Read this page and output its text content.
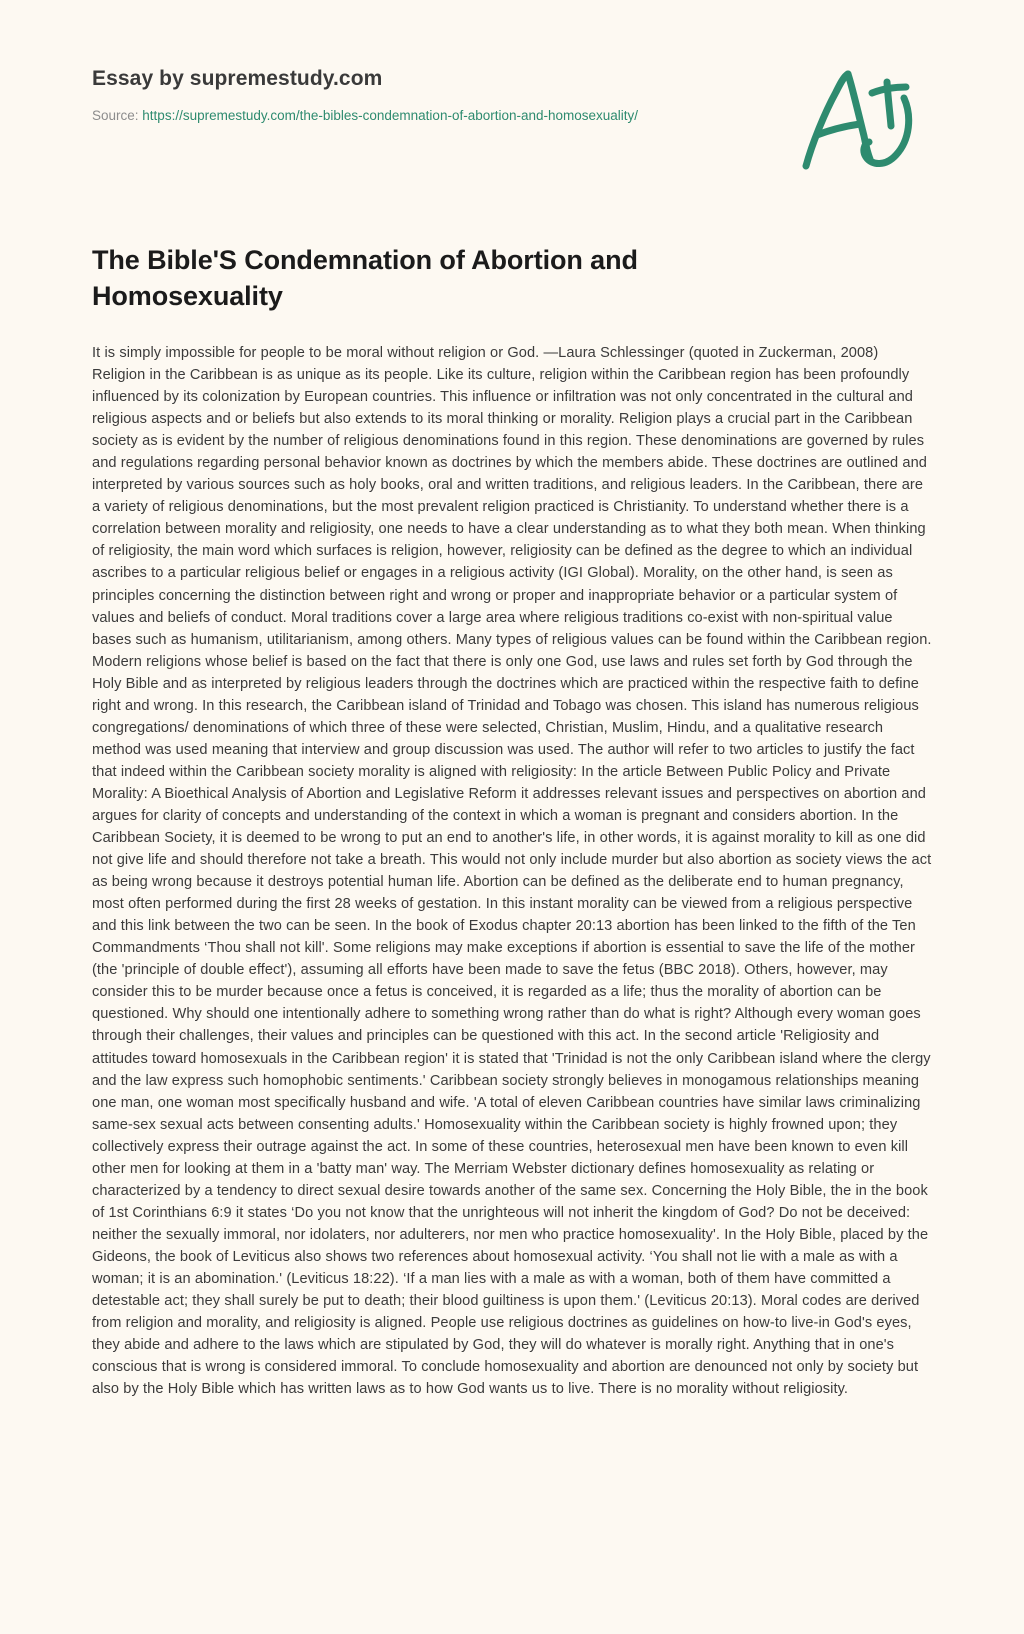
Essay by supremestudy.com
Source: https://supremestudy.com/the-bibles-condemnation-of-abortion-and-homosexuality/
The Bible'S Condemnation of Abortion and Homosexuality

It is simply impossible for people to be moral without religion or God. —Laura Schlessinger (quoted in Zuckerman, 2008) Religion in the Caribbean is as unique as its people. Like its culture, religion within the Caribbean region has been profoundly influenced by its colonization by European countries. This influence or infiltration was not only concentrated in the cultural and religious aspects and or beliefs but also extends to its moral thinking or morality. Religion plays a crucial part in the Caribbean society as is evident by the number of religious denominations found in this region. These denominations are governed by rules and regulations regarding personal behavior known as doctrines by which the members abide. These doctrines are outlined and interpreted by various sources such as holy books, oral and written traditions, and religious leaders. In the Caribbean, there are a variety of religious denominations, but the most prevalent religion practiced is Christianity. To understand whether there is a correlation between morality and religiosity, one needs to have a clear understanding as to what they both mean. When thinking of religiosity, the main word which surfaces is religion, however, religiosity can be defined as the degree to which an individual ascribes to a particular religious belief or engages in a religious activity (IGI Global). Morality, on the other hand, is seen as principles concerning the distinction between right and wrong or proper and inappropriate behavior or a particular system of values and beliefs of conduct. Moral traditions cover a large area where religious traditions co-exist with non-spiritual value bases such as humanism, utilitarianism, among others. Many types of religious values can be found within the Caribbean region. Modern religions whose belief is based on the fact that there is only one God, use laws and rules set forth by God through the Holy Bible and as interpreted by religious leaders through the doctrines which are practiced within the respective faith to define right and wrong. In this research, the Caribbean island of Trinidad and Tobago was chosen. This island has numerous religious congregations/ denominations of which three of these were selected, Christian, Muslim, Hindu, and a qualitative research method was used meaning that interview and group discussion was used. The author will refer to two articles to justify the fact that indeed within the Caribbean society morality is aligned with religiosity: In the article Between Public Policy and Private Morality: A Bioethical Analysis of Abortion and Legislative Reform it addresses relevant issues and perspectives on abortion and argues for clarity of concepts and understanding of the context in which a woman is pregnant and considers abortion. In the Caribbean Society, it is deemed to be wrong to put an end to another's life, in other words, it is against morality to kill as one did not give life and should therefore not take a breath. This would not only include murder but also abortion as society views the act as being wrong because it destroys potential human life. Abortion can be defined as the deliberate end to human pregnancy, most often performed during the first 28 weeks of gestation. In this instant morality can be viewed from a religious perspective and this link between the two can be seen. In the book of Exodus chapter 20:13 abortion has been linked to the fifth of the Ten Commandments ‘Thou shall not kill'. Some religions may make exceptions if abortion is essential to save the life of the mother (the 'principle of double effect'), assuming all efforts have been made to save the fetus (BBC 2018). Others, however, may consider this to be murder because once a fetus is conceived, it is regarded as a life; thus the morality of abortion can be questioned. Why should one intentionally adhere to something wrong rather than do what is right? Although every woman goes through their challenges, their values and principles can be questioned with this act. In the second article 'Religiosity and attitudes toward homosexuals in the Caribbean region' it is stated that 'Trinidad is not the only Caribbean island where the clergy and the law express such homophobic sentiments.' Caribbean society strongly believes in monogamous relationships meaning one man, one woman most specifically husband and wife. 'A total of eleven Caribbean countries have similar laws criminalizing same-sex sexual acts between consenting adults.' Homosexuality within the Caribbean society is highly frowned upon; they collectively express their outrage against the act. In some of these countries, heterosexual men have been known to even kill other men for looking at them in a 'batty man' way. The Merriam Webster dictionary defines homosexuality as relating or characterized by a tendency to direct sexual desire towards another of the same sex. Concerning the Holy Bible, the in the book of 1st Corinthians 6:9 it states ‘Do you not know that the unrighteous will not inherit the kingdom of God? Do not be deceived: neither the sexually immoral, nor idolaters, nor adulterers, nor men who practice homosexuality'. In the Holy Bible, placed by the Gideons, the book of Leviticus also shows two references about homosexual activity. ‘You shall not lie with a male as with a woman; it is an abomination.' (Leviticus 18:22). ‘If a man lies with a male as with a woman, both of them have committed a detestable act; they shall surely be put to death; their blood guiltiness is upon them.' (Leviticus 20:13). Moral codes are derived from religion and morality, and religiosity is aligned. People use religious doctrines as guidelines on how-to live-in God's eyes, they abide and adhere to the laws which are stipulated by God, they will do whatever is morally right. Anything that in one's conscious that is wrong is considered immoral. To conclude homosexuality and abortion are denounced not only by society but also by the Holy Bible which has written laws as to how God wants us to live. There is no morality without religiosity.
